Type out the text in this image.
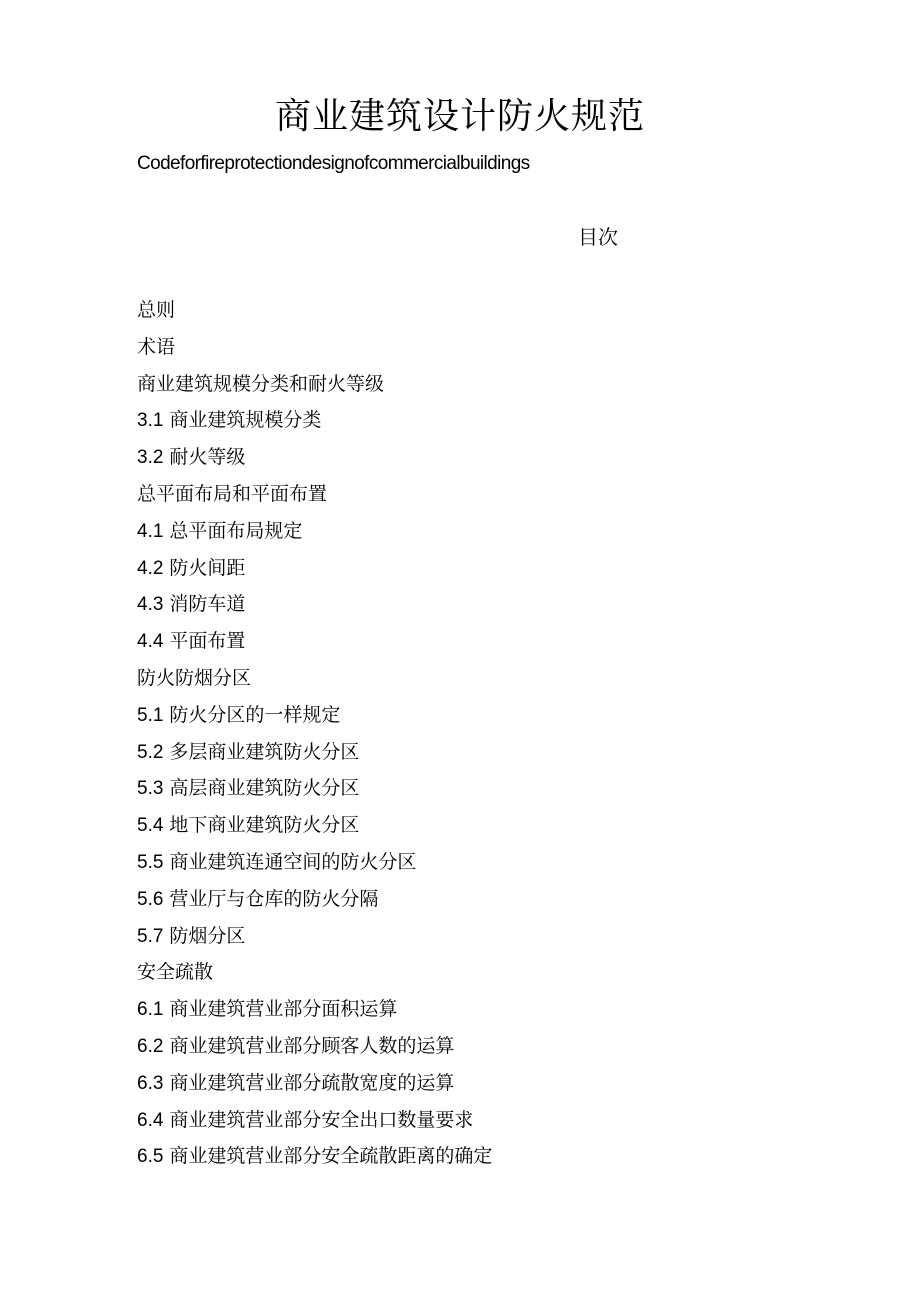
商业建筑设计防火规范
Codeforfireprotectiondesignofcommercialbuildings
目次
总则
术语
商业建筑规模分类和耐火等级
3.1 商业建筑规模分类
3.2 耐火等级
总平面布局和平面布置
4.1 总平面布局规定
4.2 防火间距
4.3 消防车道
4.4 平面布置
防火防烟分区
5.1 防火分区的一样规定
5.2 多层商业建筑防火分区
5.3 高层商业建筑防火分区
5.4 地下商业建筑防火分区
5.5 商业建筑连通空间的防火分区
5.6 营业厅与仓库的防火分隔
5.7 防烟分区
安全疏散
6.1 商业建筑营业部分面积运算
6.2 商业建筑营业部分顾客人数的运算
6.3 商业建筑营业部分疏散宽度的运算
6.4 商业建筑营业部分安全出口数量要求
6.5 商业建筑营业部分安全疏散距离的确定
